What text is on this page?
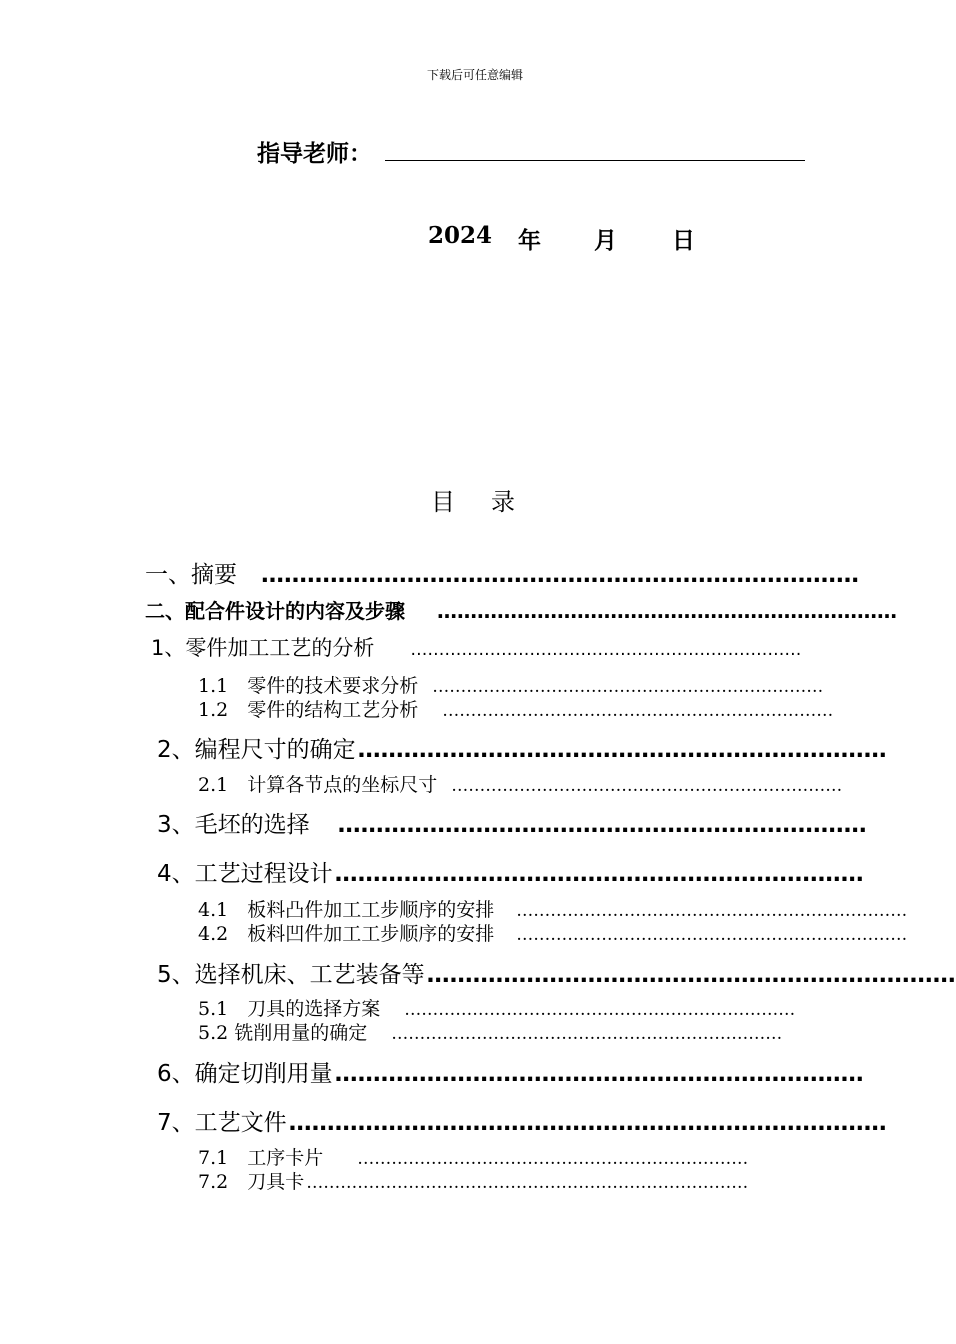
下载后可任意编辑
指导老师：
2024 年 月 日
目　录
一、摘要 ……………………………………………………………………
二、配合件设计的内容及步骤 ……………………………………………………………
1、零件加工工艺的分析 ……………………………………………………………
1.1　零件的技术要求分析 ……………………………………………………………
1.2　零件的结构工艺分析 ……………………………………………………………
2、编程尺寸的确定 ……………………………………………………………
2.1　计算各节点的坐标尺寸 ……………………………………………………………
3、毛坯的选择 ……………………………………………………………
4、工艺过程设计 ……………………………………………………………
4.1　板料凸件加工工步顺序的安排 ……………………………………………………………
4.2　板料凹件加工工步顺序的安排 ……………………………………………………………
5、选择机床、工艺装备等 ……………………………………………………………
5.1　刀具的选择方案 ……………………………………………………………
5.2 铣削用量的确定 ……………………………………………………………
6、确定切削用量 ……………………………………………………………
7、工艺文件 ……………………………………………………………………
7.1　工序卡片 ……………………………………………………………
7.2　刀具卡 ……………………………………………………………………
